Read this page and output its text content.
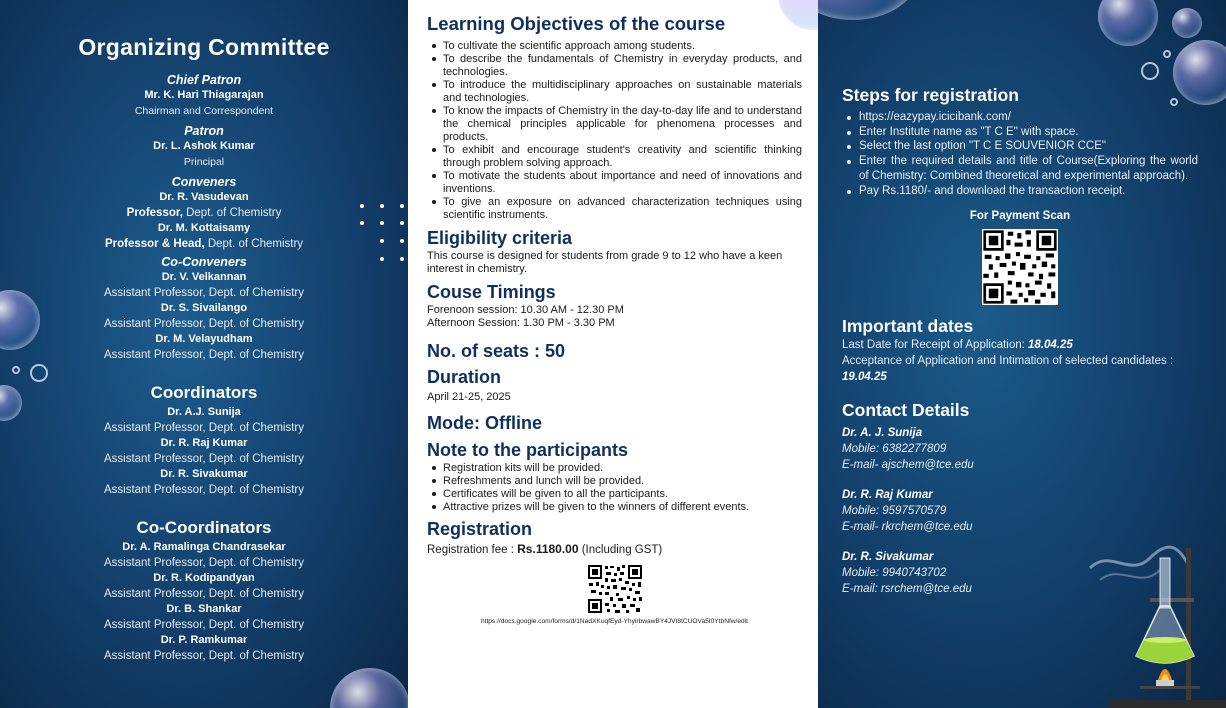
Organizing Committee
Chief Patron
Mr. K. Hari Thiagarajan
Chairman and Correspondent
Patron
Dr. L. Ashok Kumar
Principal
Conveners
Dr. R. Vasudevan
Professor, Dept. of Chemistry
Dr. M. Kottaisamy
Professor & Head, Dept. of Chemistry
Co-Conveners
Dr. V. Velkannan
Assistant Professor, Dept. of Chemistry
Dr. S. Sivailango
Assistant Professor, Dept. of Chemistry
Dr. M. Velayudham
Assistant Professor, Dept. of Chemistry
Coordinators
Dr. A.J. Sunija
Assistant Professor, Dept. of Chemistry
Dr. R. Raj Kumar
Assistant Professor, Dept. of Chemistry
Dr. R. Sivakumar
Assistant Professor, Dept. of Chemistry
Co-Coordinators
Dr. A. Ramalinga Chandrasekar
Assistant Professor, Dept. of Chemistry
Dr. R. Kodipandyan
Assistant Professor, Dept. of Chemistry
Dr. B. Shankar
Assistant Professor, Dept. of Chemistry
Dr. P. Ramkumar
Assistant Professor, Dept. of Chemistry
Learning Objectives of the course
To cultivate the scientific approach among students.
To describe the fundamentals of Chemistry in everyday products, and technologies.
To introduce the multidisciplinary approaches on sustainable materials and technologies.
To know the impacts of Chemistry in the day-to-day life and to understand the chemical principles applicable for phenomena processes and products.
To exhibit and encourage student's creativity and scientific thinking through problem solving approach.
To motivate the students about importance and need of innovations and inventions.
To give an exposure on advanced characterization techniques using scientific instruments.
Eligibility criteria
This course is designed for students from grade 9 to 12 who have a keen interest in chemistry.
Couse Timings
Forenoon session: 10.30 AM - 12.30 PM
Afternoon Session: 1.30 PM - 3.30 PM
No. of seats : 50
Duration
April 21-25, 2025
Mode: Offline
Note to the participants
Registration kits will be provided.
Refreshments and lunch will be provided.
Certificates will be given to all the participants.
Attractive prizes will be given to the winners of different events.
Registration
Registration fee : Rs.1180.00 (Including GST)
https://docs.google.com/forms/d/1NadXKuqfEyd-YhyirbwawBY4JVI8tCUOVa5I0YtbNfw/edit
Steps for registration
https://eazypay.icicibank.com/
Enter Institute name as "T C E" with space.
Select the last option "T C E SOUVENIOR CCE"
Enter the required details and title of Course(Exploring the world of Chemistry: Combined theoretical and experimental approach).
Pay Rs.1180/- and download the transaction receipt.
For Payment Scan
Important dates
Last Date for Receipt of Application: 18.04.25
Acceptance of Application and Intimation of selected candidates : 19.04.25
Contact Details
Dr. A. J. Sunija
Mobile: 6382277809
E-mail- ajschem@tce.edu
Dr. R. Raj Kumar
Mobile: 9597570579
E-mail- rkrchem@tce.edu
Dr. R. Sivakumar
Mobile: 9940743702
E-mail: rsrchem@tce.edu
